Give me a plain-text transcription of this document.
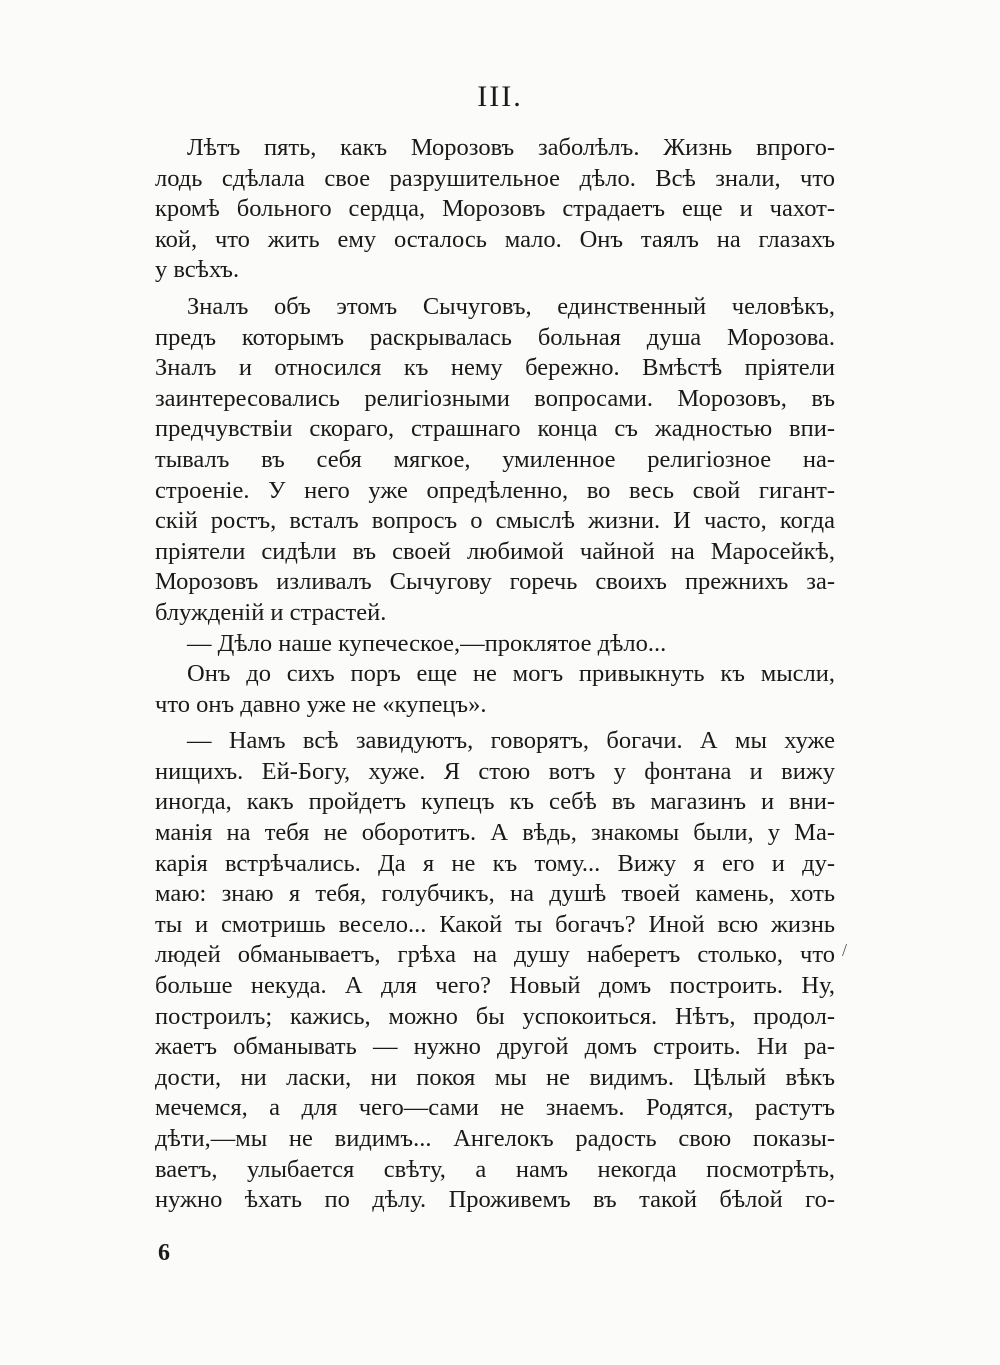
III.
Лѣтъ пять, какъ Морозовъ заболѣлъ. Жизнь впрого-
лодь сдѣлала свое разрушительное дѣло. Всѣ знали, что
кромѣ больного сердца, Морозовъ страдаетъ еще и чахот-
кой, что жить ему осталось мало. Онъ таялъ на глазахъ
у всѣхъ.
Зналъ объ этомъ Сычуговъ, единственный человѣкъ,
предъ которымъ раскрывалась больная душа Морозова.
Зналъ и относился къ нему бережно. Вмѣстѣ пріятели
заинтересовались религіозными вопросами. Морозовъ, въ
предчувствіи скораго, страшнаго конца съ жадностью впи-
тывалъ въ себя мягкое, умиленное религіозное на-
строеніе. У него уже опредѣленно, во весь свой гигант-
скій ростъ, всталъ вопросъ о смыслѣ жизни. И часто, когда
пріятели сидѣли въ своей любимой чайной на Маросейкѣ,
Морозовъ изливалъ Сычугову горечь своихъ прежнихъ за-
блужденій и страстей.
— Дѣло наше купеческое,—проклятое дѣло...
Онъ до сихъ поръ еще не могъ привыкнуть къ мысли,
что онъ давно уже не «купецъ».
— Намъ всѣ завидуютъ, говорятъ, богачи. А мы хуже
нищихъ. Ей-Богу, хуже. Я стою вотъ у фонтана и вижу
иногда, какъ пройдетъ купецъ къ себѣ въ магазинъ и вни-
манія на тебя не оборотитъ. А вѣдь, знакомы были, у Ма-
карія встрѣчались. Да я не къ тому... Вижу я его и ду-
маю: знаю я тебя, голубчикъ, на душѣ твоей камень, хоть
ты и смотришь весело... Какой ты богачъ? Иной всю жизнь
людей обманываетъ, грѣха на душу наберетъ столько, что
больше некуда. А для чего? Новый домъ построить. Ну,
построилъ; кажись, можно бы успокоиться. Нѣтъ, продол-
жаетъ обманывать — нужно другой домъ строить. Ни ра-
дости, ни ласки, ни покоя мы не видимъ. Цѣлый вѣкъ
мечемся, а для чего—сами не знаемъ. Родятся, растутъ
дѣти,—мы не видимъ... Ангелокъ радость свою показы-
ваетъ, улыбается свѣту, а намъ некогда посмотрѣть,
нужно ѣхать по дѣлу. Проживемъ въ такой бѣлой го-
/
6
